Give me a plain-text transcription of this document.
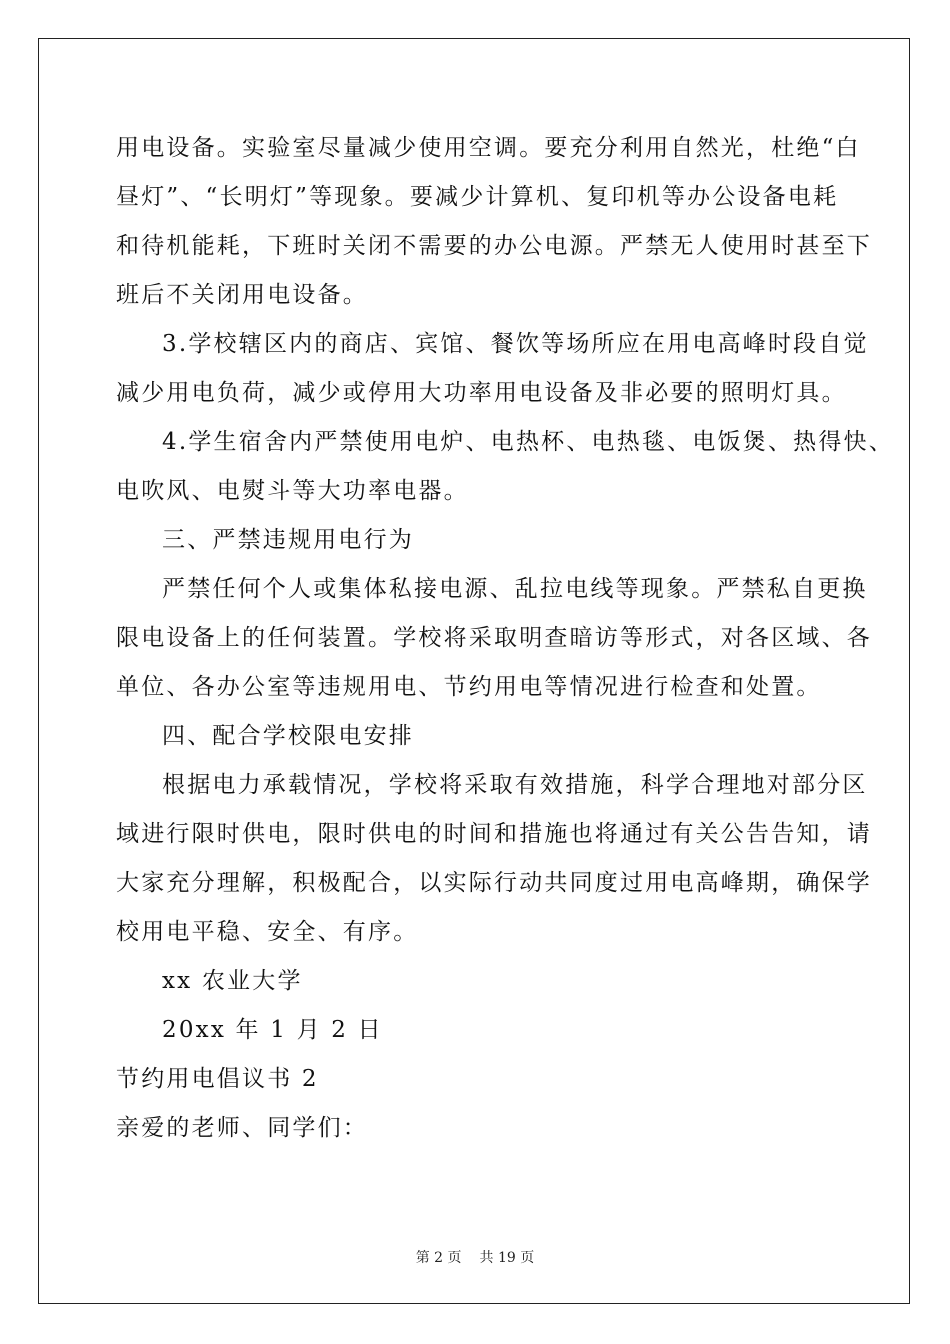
用电设备。实验室尽量减少使用空调。要充分利用自然光，杜绝“白
昼灯”、“长明灯”等现象。要减少计算机、复印机等办公设备电耗
和待机能耗，下班时关闭不需要的办公电源。严禁无人使用时甚至下
班后不关闭用电设备。
3.学校辖区内的商店、宾馆、餐饮等场所应在用电高峰时段自觉
减少用电负荷，减少或停用大功率用电设备及非必要的照明灯具。
4.学生宿舍内严禁使用电炉、电热杯、电热毯、电饭煲、热得快、
电吹风、电熨斗等大功率电器。
三、严禁违规用电行为
严禁任何个人或集体私接电源、乱拉电线等现象。严禁私自更换
限电设备上的任何装置。学校将采取明查暗访等形式，对各区域、各
单位、各办公室等违规用电、节约用电等情况进行检查和处置。
四、配合学校限电安排
根据电力承载情况，学校将采取有效措施，科学合理地对部分区
域进行限时供电，限时供电的时间和措施也将通过有关公告告知，请
大家充分理解，积极配合，以实际行动共同度过用电高峰期，确保学
校用电平稳、安全、有序。
xx 农业大学
20xx 年 1 月 2 日
节约用电倡议书 2
亲爱的老师、同学们：
第 2 页 共 19 页
